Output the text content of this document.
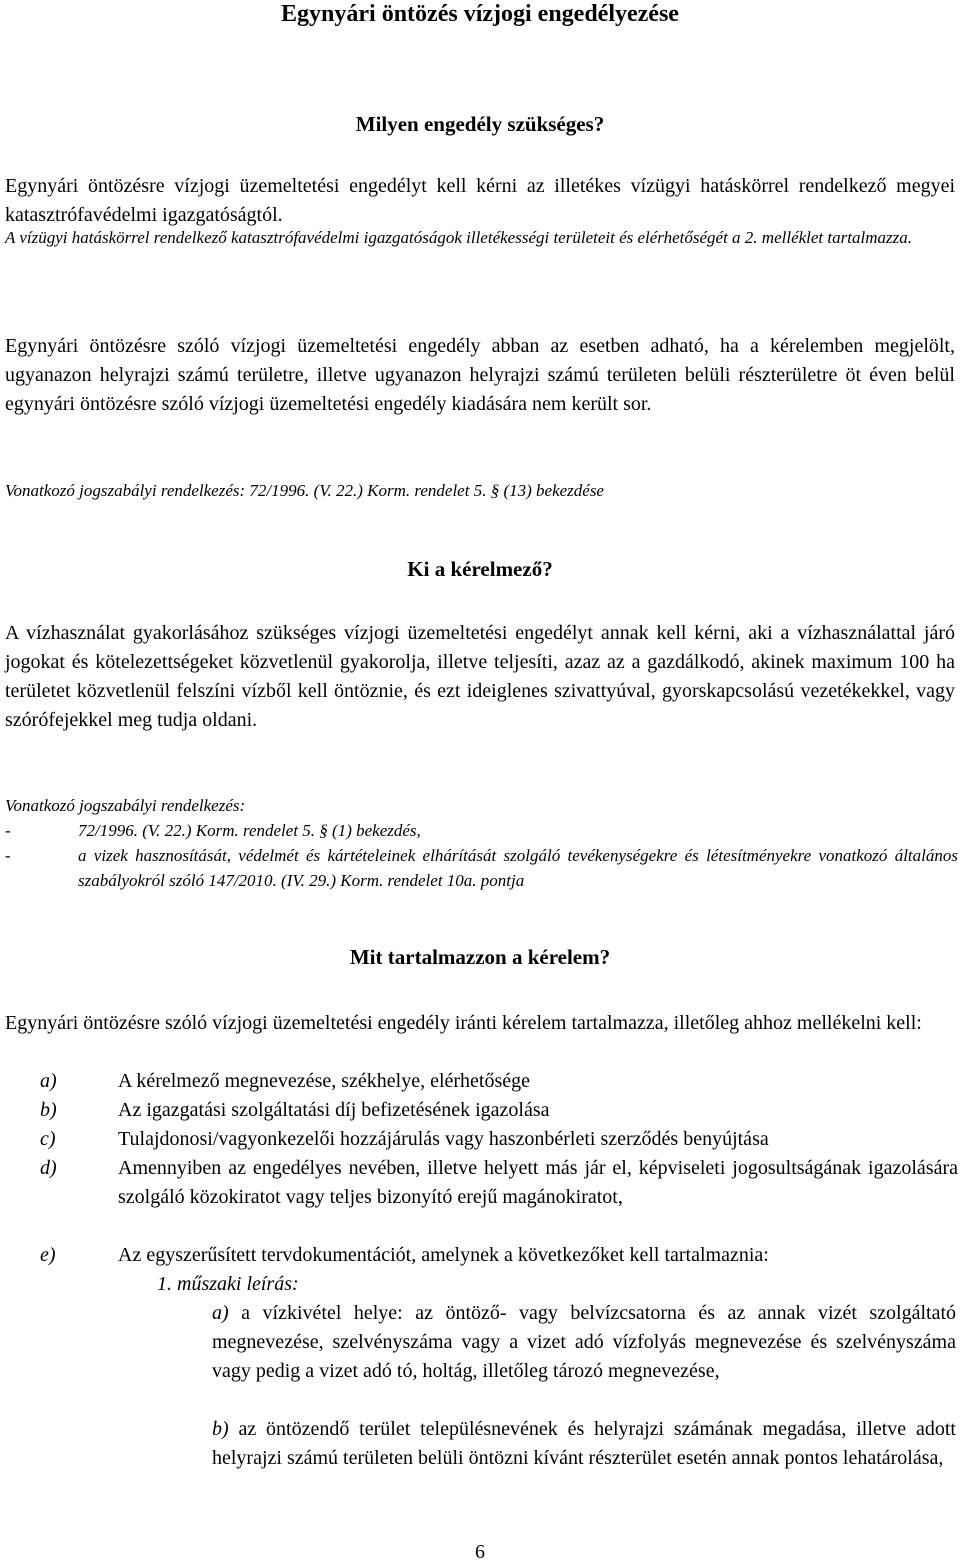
Egynyári öntözés vízjogi engedélyezése
Milyen engedély szükséges?
Egynyári öntözésre vízjogi üzemeltetési engedélyt kell kérni az illetékes vízügyi hatáskörrel rendelkező megyei katasztrófavédelmi igazgatóságtól.
A vízügyi hatáskörrel rendelkező katasztrófavédelmi igazgatóságok illetékességi területeit és elérhetőségét a 2. melléklet tartalmazza.
Egynyári öntözésre szóló vízjogi üzemeltetési engedély abban az esetben adható, ha a kérelemben megjelölt, ugyanazon helyrajzi számú területre, illetve ugyanazon helyrajzi számú területen belüli részterületre öt éven belül egynyári öntözésre szóló vízjogi üzemeltetési engedély kiadására nem került sor.
Vonatkozó jogszabályi rendelkezés: 72/1996. (V. 22.) Korm. rendelet 5. § (13) bekezdése
Ki a kérelmező?
A vízhasználat gyakorlásához szükséges vízjogi üzemeltetési engedélyt annak kell kérni, aki a vízhasználattal járó jogokat és kötelezettségeket közvetlenül gyakorolja, illetve teljesíti, azaz az a gazdálkodó, akinek maximum 100 ha területet közvetlenül felszíni vízből kell öntöznie, és ezt ideiglenes szivattyúval, gyorskapcsolású vezetékekkel, vagy szórófejekkel meg tudja oldani.
Vonatkozó jogszabályi rendelkezés:
-	72/1996. (V. 22.) Korm. rendelet 5. § (1) bekezdés,
-	a vizek hasznosítását, védelmét és kártételeinek elhárítását szolgáló tevékenységekre és létesítményekre vonatkozó általános szabályokról szóló 147/2010. (IV. 29.) Korm. rendelet 10a. pontja
Mit tartalmazzon a kérelem?
Egynyári öntözésre szóló vízjogi üzemeltetési engedély iránti kérelem tartalmazza, illetőleg ahhoz mellékelni kell:
a)	A kérelmező megnevezése, székhelye, elérhetősége
b)	Az igazgatási szolgáltatási díj befizetésének igazolása
c)	Tulajdonosi/vagyonkezelői hozzájárulás vagy haszonbérleti szerződés benyújtása
d)	Amennyiben az engedélyes nevében, illetve helyett más jár el, képviseleti jogosultságának igazolására szolgáló közokiratot vagy teljes bizonyító erejű magánokiratot,
e)	Az egyszerűsített tervdokumentációt, amelynek a következőket kell tartalmaznia:
1. műszaki leírás:
a) a vízkivétel helye: az öntöző- vagy belvízcsatorna és az annak vizét szolgáltató megnevezése, szelvényszáma vagy a vizet adó vízfolyás megnevezése és szelvényszáma vagy pedig a vizet adó tó, holtág, illetőleg tározó megnevezése,
b) az öntözendő terület településnevének és helyrajzi számának megadása, illetve adott helyrajzi számú területen belüli öntözni kívánt részterület esetén annak pontos lehatárolása,
6
